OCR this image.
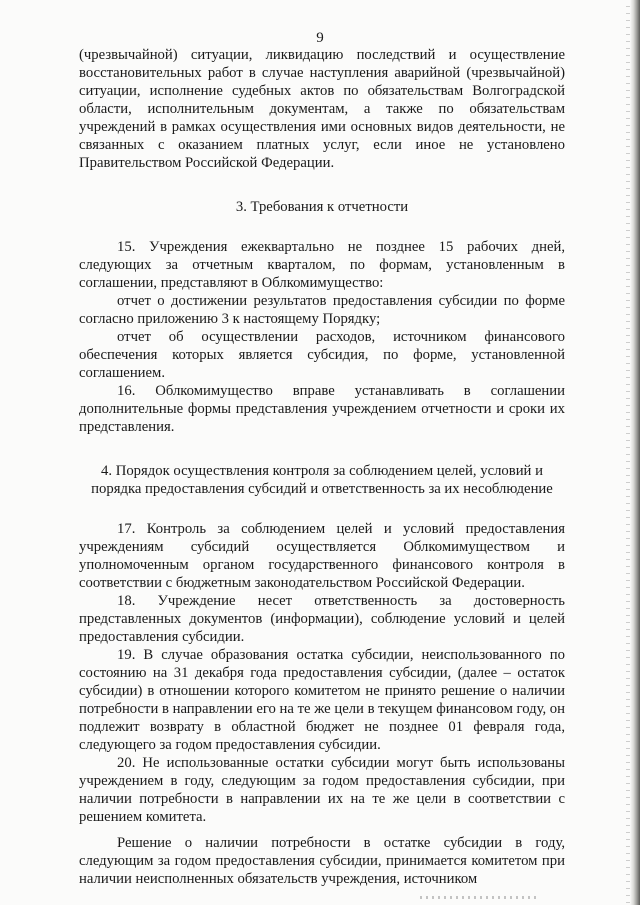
9

(чрезвычайной) ситуации, ликвидацию последствий и осуществление восстановительных работ в случае наступления аварийной (чрезвычайной) ситуации, исполнение судебных актов по обязательствам Волгоградской области, исполнительным документам, а также по обязательствам учреждений в рамках осуществления ими основных видов деятельности, не связанных с оказанием платных услуг, если иное не установлено Правительством Российской Федерации.

3. Требования к отчетности

15. Учреждения ежеквартально не позднее 15 рабочих дней, следующих за отчетным кварталом, по формам, установленным в соглашении, представляют в Облкомимущество:

отчет о достижении результатов предоставления субсидии по форме согласно приложению 3 к настоящему Порядку;

отчет об осуществлении расходов, источником финансового обеспечения которых является субсидия, по форме, установленной соглашением.

16. Облкомимущество вправе устанавливать в соглашении дополнительные формы представления учреждением отчетности и сроки их представления.

4. Порядок осуществления контроля за соблюдением целей, условий и порядка предоставления субсидий и ответственность за их несоблюдение

17. Контроль за соблюдением целей и условий предоставления учреждениям субсидий осуществляется Облкомимуществом и уполномоченным органом государственного финансового контроля в соответствии с бюджетным законодательством Российской Федерации.

18. Учреждение несет ответственность за достоверность представленных документов (информации), соблюдение условий и целей предоставления субсидии.

19. В случае образования остатка субсидии, неиспользованного по состоянию на 31 декабря года предоставления субсидии, (далее – остаток субсидии) в отношении которого комитетом не принято решение о наличии потребности в направлении его на те же цели в текущем финансовом году, он подлежит возврату в областной бюджет не позднее 01 февраля года, следующего за годом предоставления субсидии.

20. Не использованные остатки субсидии могут быть использованы учреждением в году, следующим за годом предоставления субсидии, при наличии потребности в направлении их на те же цели в соответствии с решением комитета.

Решение о наличии потребности в остатке субсидии в году, следующим за годом предоставления субсидии, принимается комитетом при наличии неисполненных обязательств учреждения, источником
